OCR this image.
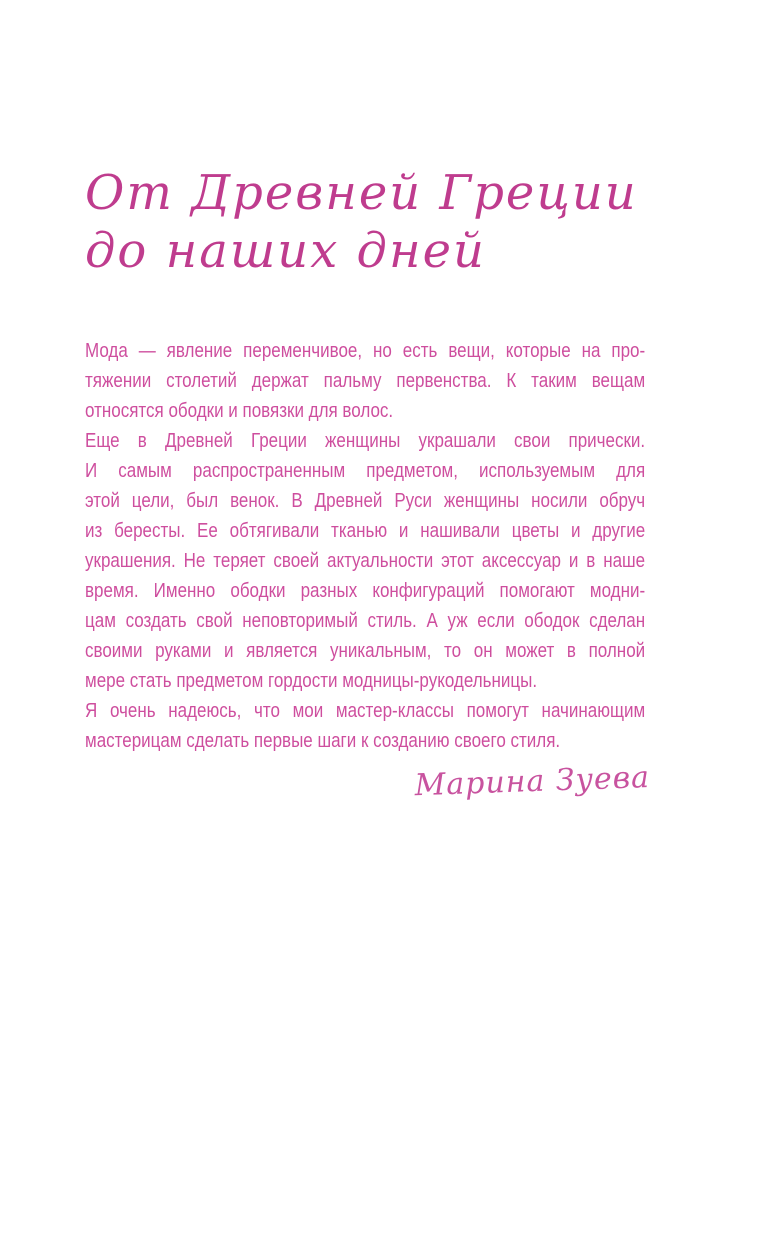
От Древней Греции
до наших дней
Мода — явление переменчивое, но есть вещи, которые на про-
тяжении столетий держат пальму первенства. К таким вещам
относятся ободки и повязки для волос.
Еще в Древней Греции женщины украшали свои прически.
И самым распространенным предметом, используемым для
этой цели, был венок. В Древней Руси женщины носили обруч
из бересты. Ее обтягивали тканью и нашивали цветы и другие
украшения. Не теряет своей актуальности этот аксессуар и в наше
время. Именно ободки разных конфигураций помогают модни-
цам создать свой неповторимый стиль. А уж если ободок сделан
своими руками и является уникальным, то он может в полной
мере стать предметом гордости модницы-рукодельницы.
Я очень надеюсь, что мои мастер-классы помогут начинающим
мастерицам сделать первые шаги к созданию своего стиля.
Марина Зуева
